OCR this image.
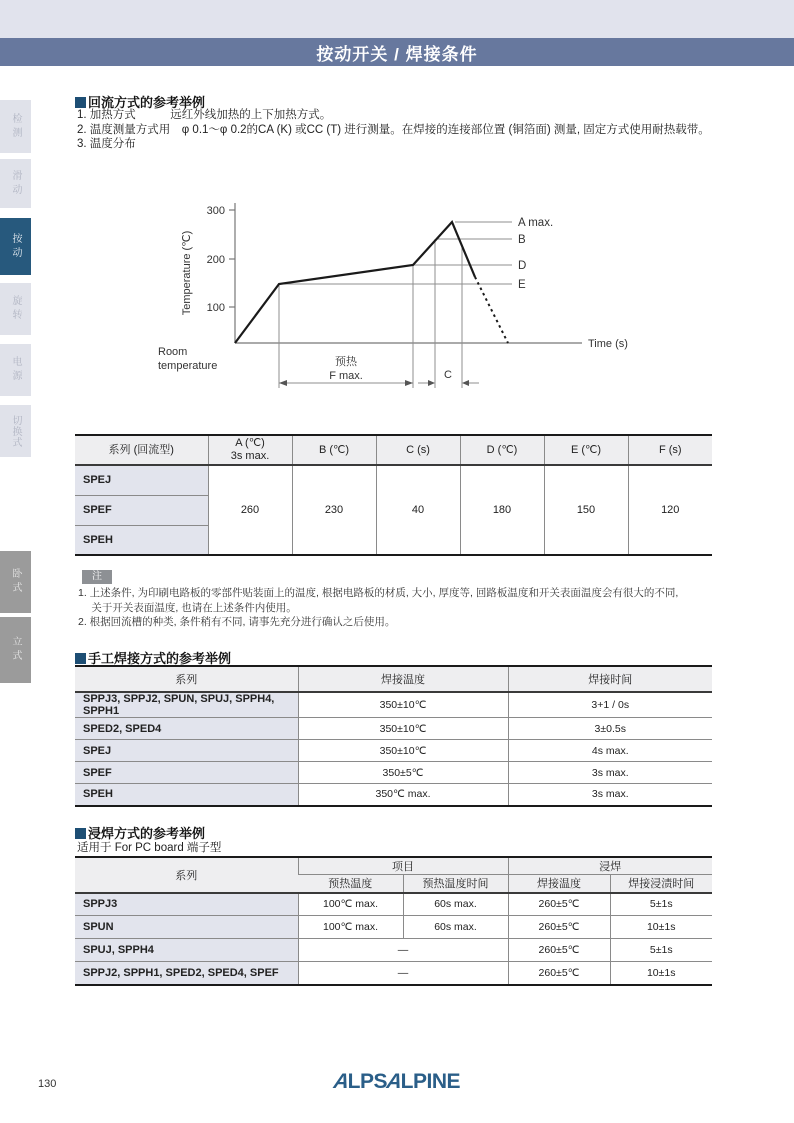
按动开关 / 焊接条件
检测
滑动
按动
旋转
电源
切换式
卧式
立式
回流方式的参考举例
1. 加热方式　　　远红外线加热的上下加热方式。
2. 温度测量方式用　φ 0.1～φ 0.2的CA (K) 或CC (T) 进行测量。在焊接的连接部位置 (铜箔面) 测量, 固定方式使用耐热载带。
3. 温度分布
300
200
100
Temperature (℃)
Room
temperature
Time (s)
A max.
B
D
E
预热
F max.	C
系列 (回流型)	A (℃)
3s max.	B (℃)	C (s)	D (℃)	E (℃)	F (s)
SPEJ	260	230	40	180	150	120
SPEF						
SPEH						
注
1. 上述条件, 为印刷电路板的零部件贴装面上的温度, 根据电路板的材质, 大小, 厚度等, 回路板温度和开关表面温度会有很大的不同,
　 关于开关表面温度, 也请在上述条件内使用。
2. 根据回流槽的种类, 条件稍有不同, 请事先充分进行确认之后使用。
手工焊接方式的参考举例
系列	焊接温度	焊接时间
SPPJ3, SPPJ2, SPUN, SPUJ, SPPH4, SPPH1	350±10℃	3+1 / 0s
SPED2, SPED4	350±10℃	3±0.5s
SPEJ	350±10℃	4s max.
SPEF	350±5℃	3s max.
SPEH	350℃ max.	3s max.
浸焊方式的参考举例
适用于 For PC board 端子型
系列	项目		浸焊	
	预热温度	预热温度时间	焊接温度	焊接浸渍时间
SPPJ3	100℃ max.	60s max.	260±5℃	5±1s
SPUN	100℃ max.	60s max.	260±5℃	10±1s
SPUJ, SPPH4	—		260±5℃	5±1s
SPPJ2, SPPH1, SPED2, SPED4, SPEF	—		260±5℃	10±1s
130	ALPSALPINE
